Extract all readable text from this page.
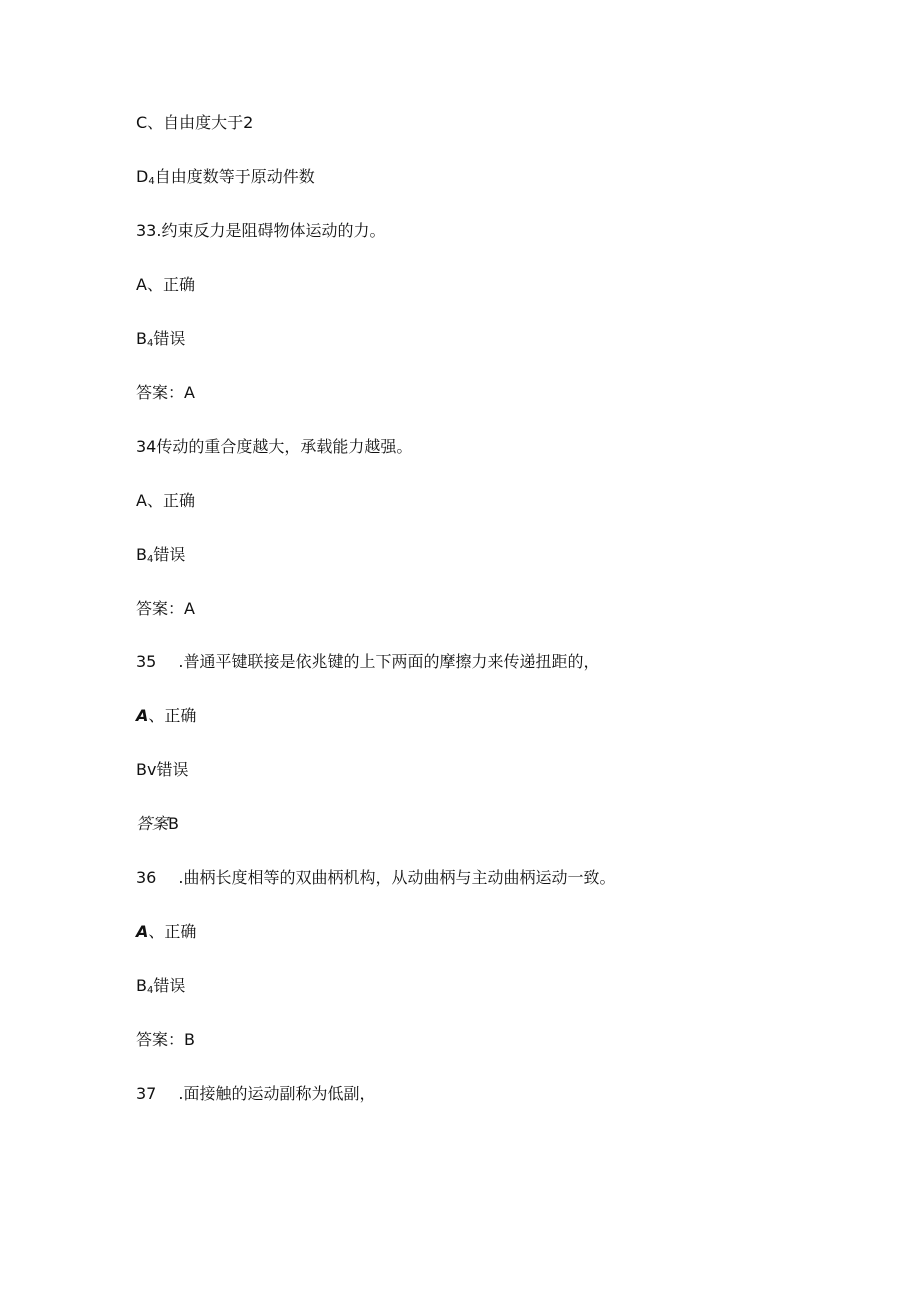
C、自由度大于2
$D_4$自由度数等于原动件数
33.约束反力是阻碍物体运动的力。
A、正确
$B_4$错误
答案：A
34传动的重合度越大，承载能力越强。
A、正确
$B_4$错误
答案：A
35 .普通平键联接是依兆键的上下两面的摩擦力来传递扭距的，
A、正确
Bv错误
答案B
36 .曲柄长度相等的双曲柄机构，从动曲柄与主动曲柄运动一致。
A、正确
$B_4$错误
答案：B
37 .面接触的运动副称为低副，
